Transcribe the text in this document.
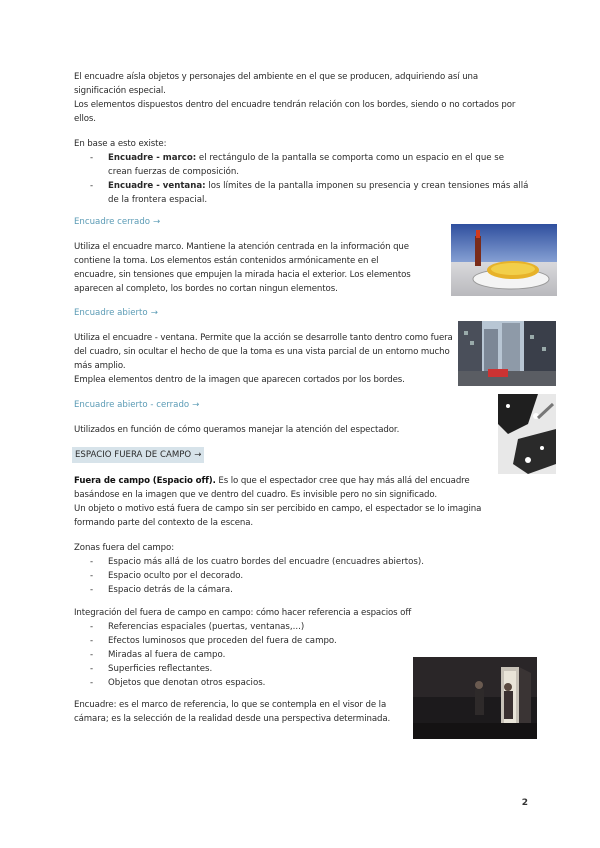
El encuadre aísla objetos y personajes del ambiente en el que se producen, adquiriendo así una significación especial.

Los elementos dispuestos dentro del encuadre tendrán relación con los bordes, siendo o no cortados por ellos.

En base a esto existe:

- Encuadre - marco: el rectángulo de la pantalla se comporta como un espacio en el que se crean fuerzas de composición.
- Encuadre - ventana: los límites de la pantalla imponen su presencia y crean tensiones más allá de la frontera espacial.

Encuadre cerrado →

Utiliza el encuadre marco. Mantiene la atención centrada en la información que contiene la toma. Los elementos están contenidos armónicamente en el encuadre, sin tensiones que empujen la mirada hacia el exterior. Los elementos aparecen al completo, los bordes no cortan ningun elementos.

Encuadre abierto →

Utiliza el encuadre - ventana. Permite que la acción se desarrolle tanto dentro como fuera del cuadro, sin ocultar el hecho de que la toma es una vista parcial de un entorno mucho más amplio.

Emplea elementos dentro de la imagen que aparecen cortados por los bordes.

Encuadre abierto - cerrado →

Utilizados en función de cómo queramos manejar la atención del espectador.

ESPACIO FUERA DE CAMPO →

Fuera de campo (Espacio off). Es lo que el espectador cree que hay más allá del encuadre basándose en la imagen que ve dentro del cuadro. Es invisible pero no sin significado.

Un objeto o motivo está fuera de campo sin ser percibido en campo, el espectador se lo imagina formando parte del contexto de la escena.

Zonas fuera del campo:

- Espacio más allá de los cuatro bordes del encuadre (encuadres abiertos).
- Espacio oculto por el decorado.
- Espacio detrás de la cámara.

Integración del fuera de campo en campo: cómo hacer referencia a espacios off

- Referencias espaciales (puertas, ventanas,...)
- Efectos luminosos que proceden del fuera de campo.
- Miradas al fuera de campo.
- Superficies reflectantes.
- Objetos que denotan otros espacios.

Encuadre: es el marco de referencia, lo que se contempla en el visor de la cámara; es la selección de la realidad desde una perspectiva determinada.

2
